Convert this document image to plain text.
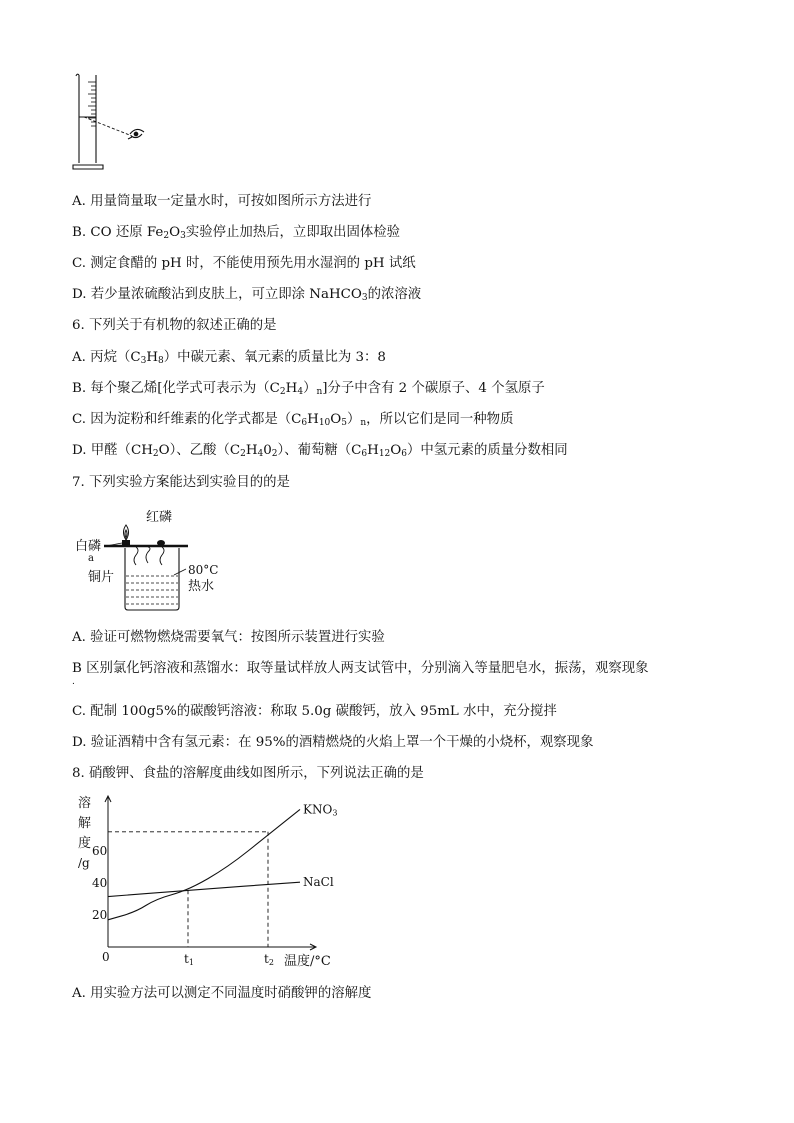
A. 用量筒量取一定量水时，可按如图所示方法进行
B. CO 还原 $Fe_2O_3$实验停止加热后，立即取出固体检验
C. 测定食醋的 pH 时，不能使用预先用水湿润的 pH 试纸
D. 若少量浓硫酸沾到皮肤上，可立即涂 NaHCO$_3$的浓溶液
6. 下列关于有机物的叙述正确的是
A. 丙烷$(C_3H_8)$中碳元素、氧元素的质量比为 3：8
B. 每个聚乙烯[化学式可表示为$(C_2H_4)_n$]分子中含有 2 个碳原子、4 个氢原子
C. 因为淀粉和纤维素的化学式都是$(C_6H_{10}O_5)_n$，所以它们是同一种物质
D. 甲醛$(CH_2O)$、乙酸$(C_2H_40_2)$、葡萄糖$(C_6H_{12}O_6)$中氢元素的质量分数相同
7. 下列实验方案能达到实验目的的是
红磷
白磷
a
铜片	80°C
热水
A. 验证可燃物燃烧需要氧气：按图所示装置进行实验
B 区别氯化钙溶液和蒸馏水：取等量试样放人两支试管中，分别滴入等量肥皂水，振荡，观察现象
.
C. 配制 100g5%的碳酸钙溶液：称取 5.0g 碳酸钙，放入 95mL 水中，充分搅拌
D. 验证酒精中含有氢元素：在 95%的酒精燃烧的火焰上罩一个干燥的小烧杯，观察现象
8. 硝酸钾、食盐的溶解度曲线如图所示，下列说法正确的是
溶
解
度
/g
0
20
40
60
t1	t2 温度/°C
KNO3
NaCl
A. 用实验方法可以测定不同温度时硝酸钾的溶解度
